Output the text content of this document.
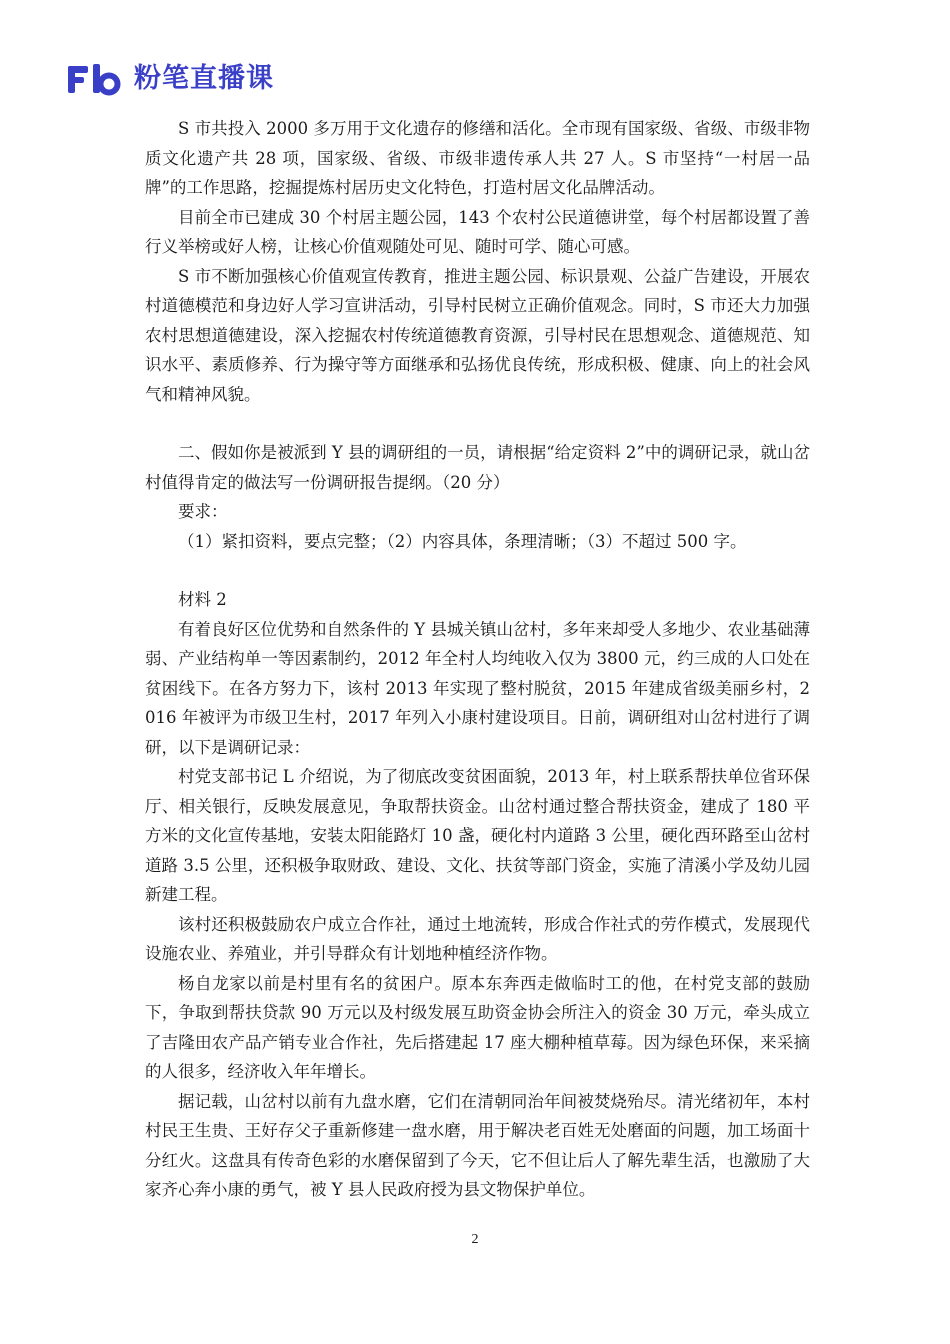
粉笔直播课

S 市共投入 2000 多万用于文化遗存的修缮和活化。全市现有国家级、省级、市级非物质文化遗产共 28 项，国家级、省级、市级非遗传承人共 27 人。S 市坚持“一村居一品牌”的工作思路，挖掘提炼村居历史文化特色，打造村居文化品牌活动。

目前全市已建成 30 个村居主题公园，143 个农村公民道德讲堂，每个村居都设置了善行义举榜或好人榜，让核心价值观随处可见、随时可学、随心可感。

S 市不断加强核心价值观宣传教育，推进主题公园、标识景观、公益广告建设，开展农村道德模范和身边好人学习宣讲活动，引导村民树立正确价值观念。同时，S 市还大力加强农村思想道德建设，深入挖掘农村传统道德教育资源，引导村民在思想观念、道德规范、知识水平、素质修养、行为操守等方面继承和弘扬优良传统，形成积极、健康、向上的社会风气和精神风貌。

二、假如你是被派到 Y 县的调研组的一员，请根据“给定资料 2”中的调研记录，就山岔村值得肯定的做法写一份调研报告提纲。（20 分）

要求：

（1）紧扣资料，要点完整；（2）内容具体，条理清晰；（3）不超过 500 字。

材料 2

有着良好区位优势和自然条件的 Y 县城关镇山岔村，多年来却受人多地少、农业基础薄弱、产业结构单一等因素制约，2012 年全村人均纯收入仅为 3800 元，约三成的人口处在贫困线下。在各方努力下，该村 2013 年实现了整村脱贫，2015 年建成省级美丽乡村，2016 年被评为市级卫生村，2017 年列入小康村建设项目。日前，调研组对山岔村进行了调研，以下是调研记录：

村党支部书记 L 介绍说，为了彻底改变贫困面貌，2013 年，村上联系帮扶单位省环保厅、相关银行，反映发展意见，争取帮扶资金。山岔村通过整合帮扶资金，建成了 180 平方米的文化宣传基地，安装太阳能路灯 10 盏，硬化村内道路 3 公里，硬化西环路至山岔村道路 3.5 公里，还积极争取财政、建设、文化、扶贫等部门资金，实施了清溪小学及幼儿园新建工程。

该村还积极鼓励农户成立合作社，通过土地流转，形成合作社式的劳作模式，发展现代设施农业、养殖业，并引导群众有计划地种植经济作物。

杨自龙家以前是村里有名的贫困户。原本东奔西走做临时工的他，在村党支部的鼓励下，争取到帮扶贷款 90 万元以及村级发展互助资金协会所注入的资金 30 万元，牵头成立了吉隆田农产品产销专业合作社，先后搭建起 17 座大棚种植草莓。因为绿色环保，来采摘的人很多，经济收入年年增长。

据记载，山岔村以前有九盘水磨，它们在清朝同治年间被焚烧殆尽。清光绪初年，本村村民王生贵、王好存父子重新修建一盘水磨，用于解决老百姓无处磨面的问题，加工场面十分红火。这盘具有传奇色彩的水磨保留到了今天，它不但让后人了解先辈生活，也激励了大家齐心奔小康的勇气，被 Y 县人民政府授为县文物保护单位。

2
